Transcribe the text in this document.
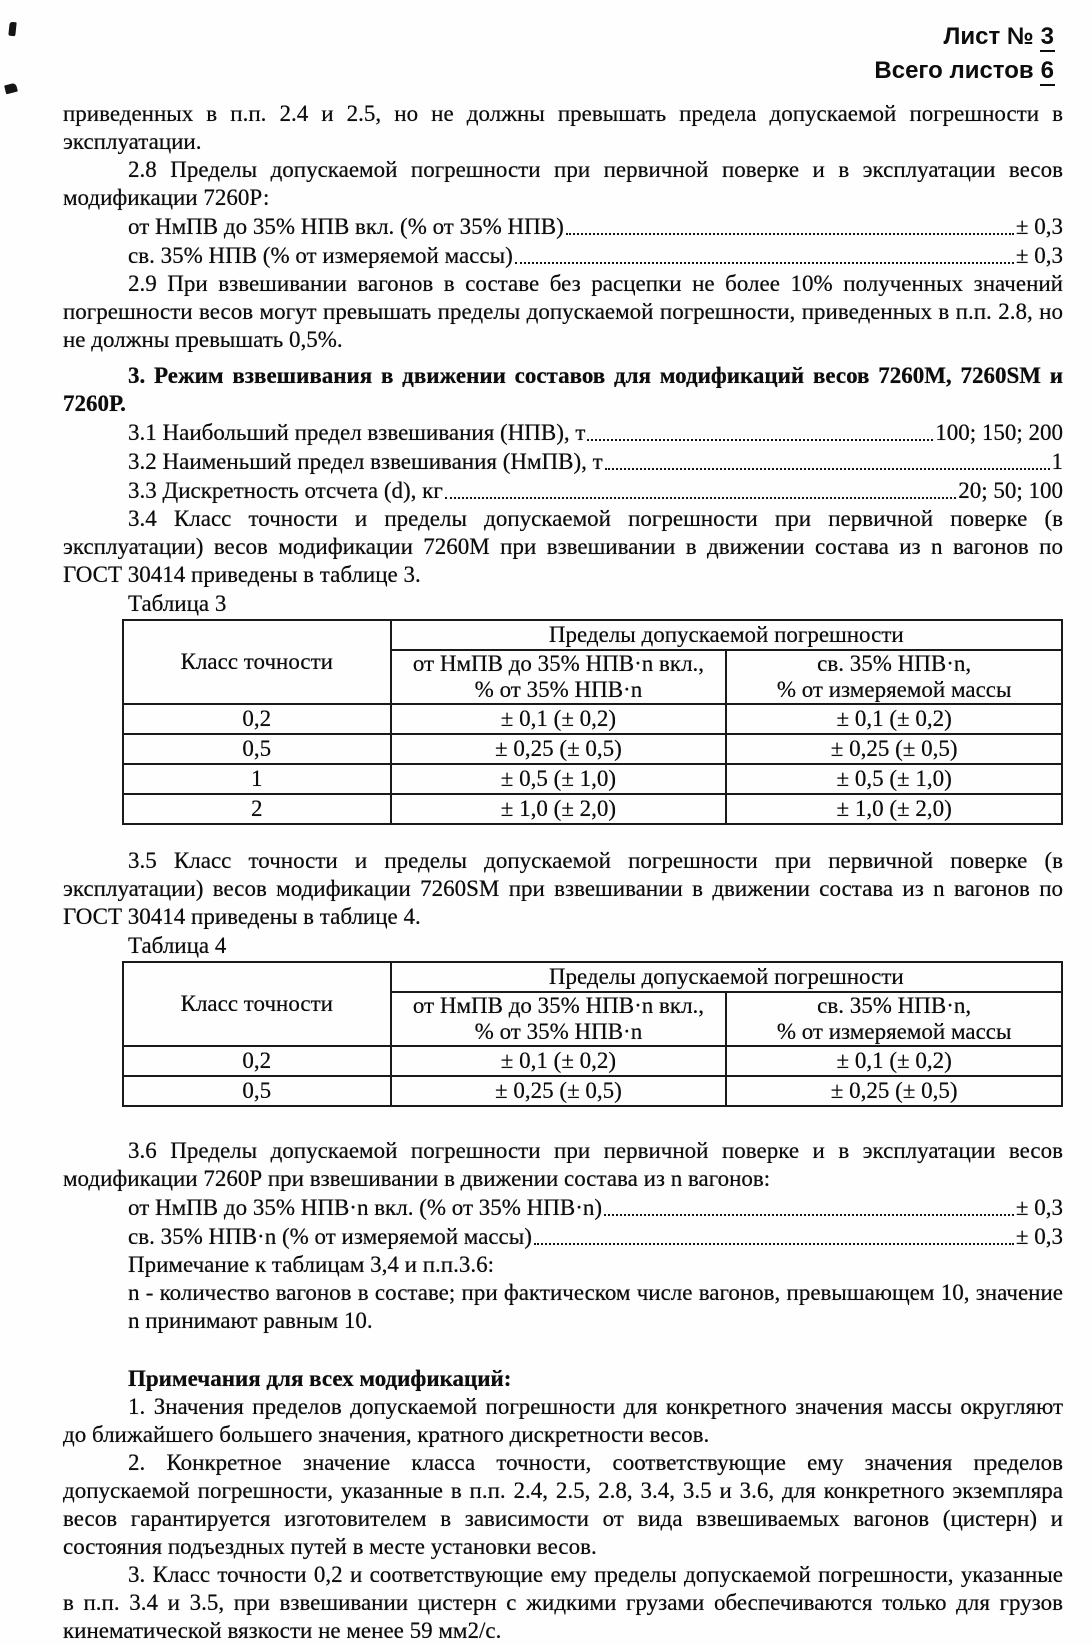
Лист № 3
Всего листов 6

приведенных в п.п. 2.4 и 2.5, но не должны превышать предела допускаемой погрешности в эксплуатации.

2.8 Пределы допускаемой погрешности при первичной поверке и в эксплуатации весов модификации 7260Р:

от НмПВ до 35% НПВ вкл. (% от 35% НПВ)	± 0,3
св. 35% НПВ (% от измеряемой массы)	± 0,3

2.9 При взвешивании вагонов в составе без расцепки не более 10% полученных значений погрешности весов могут превышать пределы допускаемой погрешности, приведенных в п.п. 2.8, но не должны превышать 0,5%.

3. Режим взвешивания в движении составов для модификаций весов 7260М, 7260SM и 7260Р.

3.1 Наибольший предел взвешивания (НПВ), т	100; 150; 200
3.2 Наименьший предел взвешивания (НмПВ), т	1
3.3 Дискретность отсчета (d), кг	20; 50; 100

3.4 Класс точности и пределы допускаемой погрешности при первичной поверке (в эксплуатации) весов модификации 7260М при взвешивании в движении состава из n вагонов по ГОСТ 30414 приведены в таблице 3.

Таблица 3
Класс точности	Пределы допускаемой погрешности	
	от НмПВ до 35% НПВ·n вкл.,
% от 35% НПВ·n	св. 35% НПВ·n,
% от измеряемой массы
0,2	± 0,1 (± 0,2)	± 0,1 (± 0,2)
0,5	± 0,25 (± 0,5)	± 0,25 (± 0,5)
1	± 0,5 (± 1,0)	± 0,5 (± 1,0)
2	± 1,0 (± 2,0)	± 1,0 (± 2,0)

3.5 Класс точности и пределы допускаемой погрешности при первичной поверке (в эксплуатации) весов модификации 7260SM при взвешивании в движении состава из n вагонов по ГОСТ 30414 приведены в таблице 4.

Таблица 4
Класс точности	Пределы допускаемой погрешности	
	от НмПВ до 35% НПВ·n вкл.,
% от 35% НПВ·n	св. 35% НПВ·n,
% от измеряемой массы
0,2	± 0,1 (± 0,2)	± 0,1 (± 0,2)
0,5	± 0,25 (± 0,5)	± 0,25 (± 0,5)

3.6 Пределы допускаемой погрешности при первичной поверке и в эксплуатации весов модификации 7260Р при взвешивании в движении состава из n вагонов:

от НмПВ до 35% НПВ·n вкл. (% от 35% НПВ·n)	± 0,3
св. 35% НПВ·n (% от измеряемой массы)	± 0,3

Примечание к таблицам 3,4 и п.п.3.6:

n - количество вагонов в составе; при фактическом числе вагонов, превышающем 10, значение n принимают равным 10.

Примечания для всех модификаций:

1. Значения пределов допускаемой погрешности для конкретного значения массы округляют до ближайшего большего значения, кратного дискретности весов.

2. Конкретное значение класса точности, соответствующие ему значения пределов допускаемой погрешности, указанные в п.п. 2.4, 2.5, 2.8, 3.4, 3.5 и 3.6, для конкретного экземпляра весов гарантируется изготовителем в зависимости от вида взвешиваемых вагонов (цистерн) и состояния подъездных путей в месте установки весов.

3. Класс точности 0,2 и соответствующие ему пределы допускаемой погрешности, указанные в п.п. 3.4 и 3.5, при взвешивании цистерн с жидкими грузами обеспечиваются только для грузов кинематической вязкости не менее 59 мм2/с.
